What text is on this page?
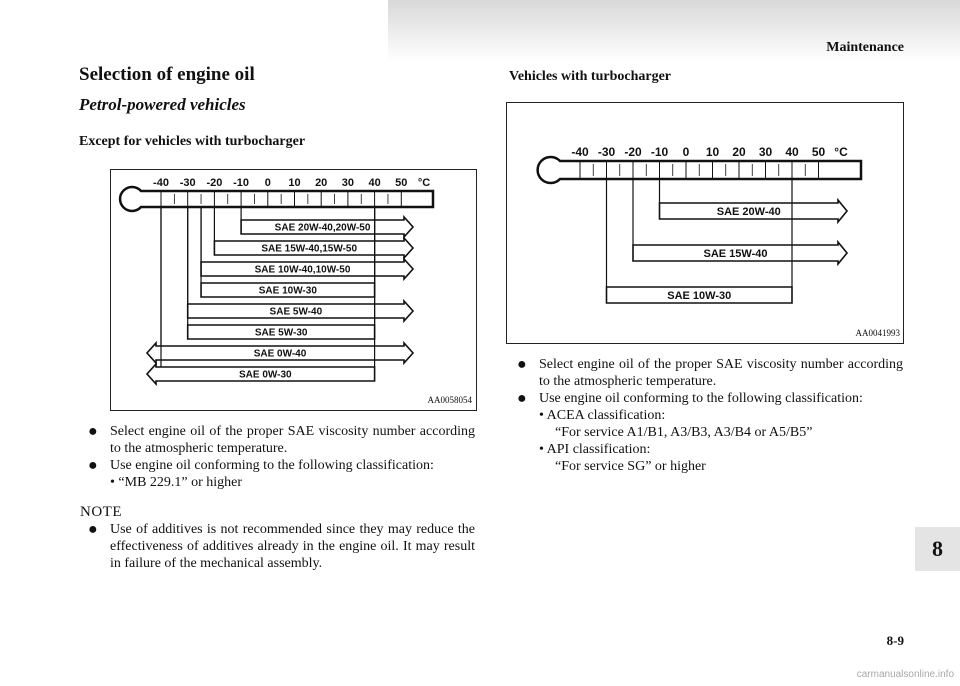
Maintenance
8-9
8
carmanualsonline.info
Selection of engine oil
Petrol-powered vehicles
Except for vehicles with turbocharger
-40 -30 -20 -10 0 10 20 30 40 50 °C
SAE 20W-40,20W-50
SAE 15W-40,15W-50
SAE 10W-40,10W-50
SAE 10W-30
SAE 5W-40
SAE 5W-30
SAE 0W-40
SAE 0W-30
AA0058054
● Select engine oil of the proper SAE viscosity number according to the atmospheric temperature.
● Use engine oil conforming to the following classification:
• “MB 229.1” or higher
NOTE
● Use of additives is not recommended since they may reduce the effectiveness of additives already in the engine oil. It may result in failure of the mechanical assembly.
Vehicles with turbocharger
-40 -30 -20 -10 0 10 20 30 40 50 °C
SAE 20W-40
SAE 15W-40
SAE 10W-30
AA0041993
● Select engine oil of the proper SAE viscosity number according to the atmospheric temperature.
● Use engine oil conforming to the following classification:
• ACEA classification:
“For service A1/B1, A3/B3, A3/B4 or A5/B5”
• API classification:
“For service SG” or higher
